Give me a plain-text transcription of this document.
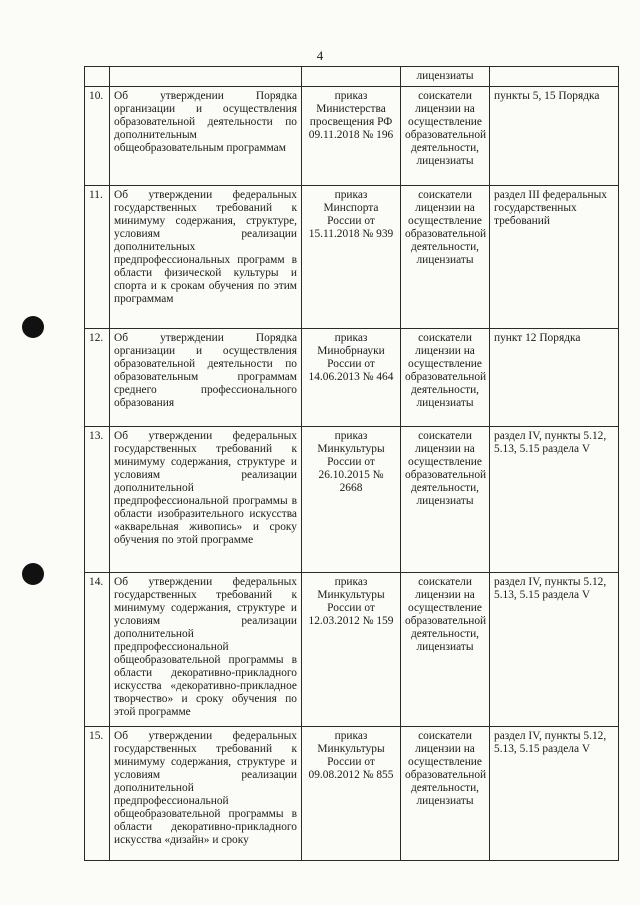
4
			лицензиаты	
10.	Об утверждении Порядка организации и осуществления образовательной деятельности по дополнительным общеобразовательным программам	приказ Министерства просвещения РФ 09.11.2018 № 196	соискатели лицензии на осуществление образовательной деятельности, лицензиаты	пункты 5, 15 Порядка
11.	Об утверждении федеральных государственных требований к минимуму содержания, структуре, условиям реализации дополнительных предпрофессиональных программ в области физической культуры и спорта и к срокам обучения по этим программам	приказ Минспорта России от 15.11.2018 № 939	соискатели лицензии на осуществление образовательной деятельности, лицензиаты	раздел III федеральных государственных требований
12.	Об утверждении Порядка организации и осуществления образовательной деятельности по образовательным программам среднего профессионального образования	приказ Минобрнауки России от 14.06.2013 № 464	соискатели лицензии на осуществление образовательной деятельности, лицензиаты	пункт 12 Порядка
13.	Об утверждении федеральных государственных требований к минимуму содержания, структуре и условиям реализации дополнительной предпрофессиональной программы в области изобразительного искусства «акварельная живопись» и сроку обучения по этой программе	приказ Минкультуры России от 26.10.2015 № 2668	соискатели лицензии на осуществление образовательной деятельности, лицензиаты	раздел IV, пункты 5.12, 5.13, 5.15 раздела V
14.	Об утверждении федеральных государственных требований к минимуму содержания, структуре и условиям реализации дополнительной предпрофессиональной общеобразовательной программы в области декоративно-прикладного искусства «декоративно-прикладное творчество» и сроку обучения по этой программе	приказ Минкультуры России от 12.03.2012 № 159	соискатели лицензии на осуществление образовательной деятельности, лицензиаты	раздел IV, пункты 5.12, 5.13, 5.15 раздела V
15.	Об утверждении федеральных государственных требований к минимуму содержания, структуре и условиям реализации дополнительной предпрофессиональной общеобразовательной программы в области декоративно-прикладного искусства «дизайн» и сроку	приказ Минкультуры России от 09.08.2012 № 855	соискатели лицензии на осуществление образовательной деятельности, лицензиаты	раздел IV, пункты 5.12, 5.13, 5.15 раздела V
